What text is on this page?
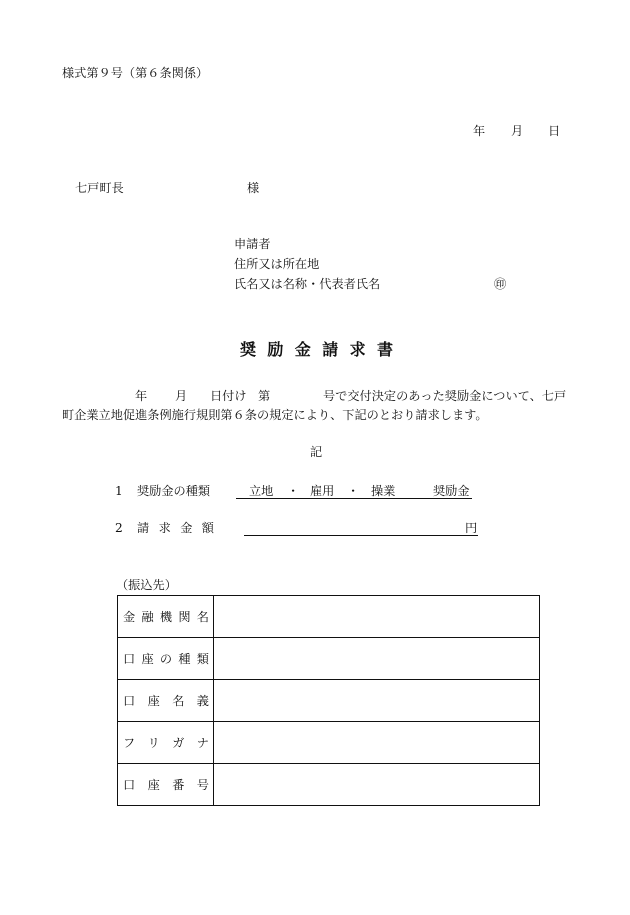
様式第９号（第６条関係）
年 月 日
七戸町長	様
申請者
住所又は所在地
氏名又は名称・代表者氏名	㊞
奨 励 金 請 求 書
年 月 日付け 第	号で交付決定のあった奨励金について、七戸
町企業立地促進条例施行規則第６条の規定により、下記のとおり請求します。
記
1 奨励金の種類	立地 ・ 雇用 ・ 操業	奨励金
2 請 求 金 額	円
（振込先）
金 融 機 関 名	

口 座 の 種 類	

口 座 名 義	

フ リ ガ ナ	

口 座 番 号	
